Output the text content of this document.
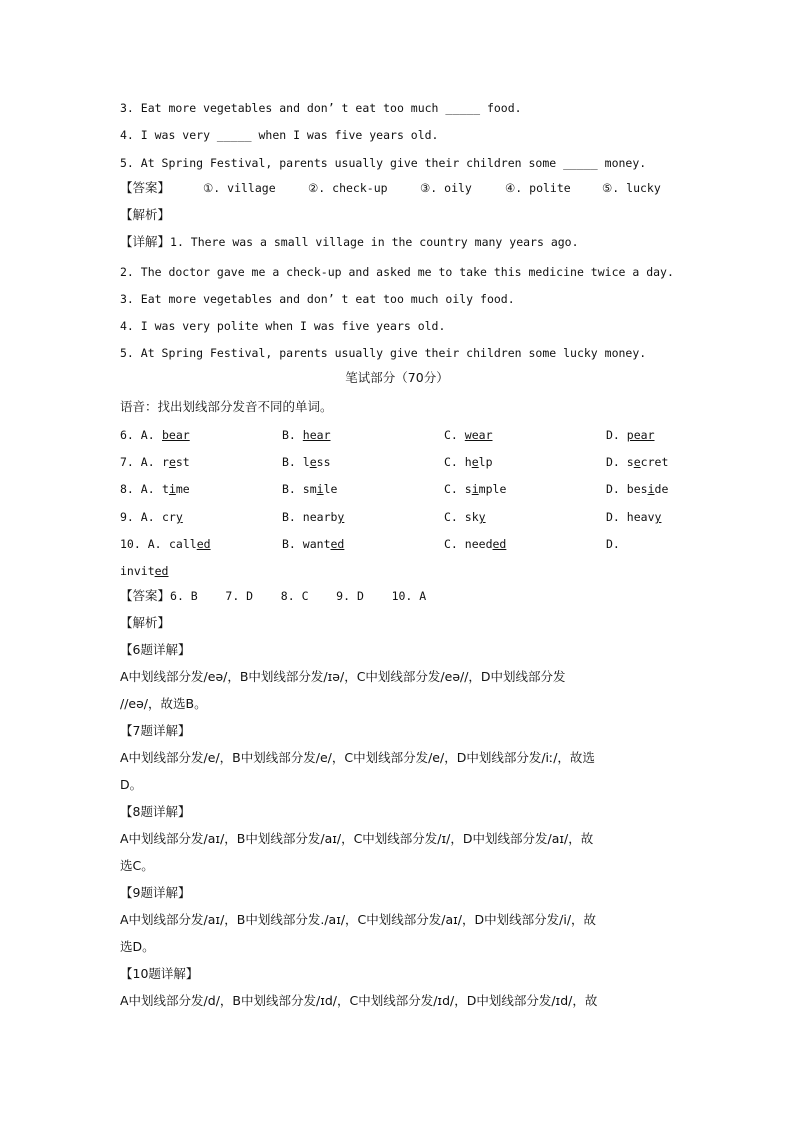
3. Eat more vegetables and don’ t eat too much _____ food.
4. I was very _____ when I was five years old.
5. At Spring Festival, parents usually give their children some _____ money.
【答案】	①. village	②. check-up	③. oily	④. polite	⑤. lucky
【解析】
【详解】1. There was a small village in the country many years ago.
2. The doctor gave me a check-up and asked me to take this medicine twice a day.
3. Eat more vegetables and don’ t eat too much oily food.
4. I was very polite when I was five years old.
5. At Spring Festival, parents usually give their children some lucky money.
笔试部分（70分）
语音：找出划线部分发音不同的单词。
6. A. bear	B. hear	C. wear	D. pear
7. A. rest	B. less	C. help	D. secret
8. A. time	B. smile	C. simple	D. beside
9. A. cry	B. nearby	C. sky	D. heavy
10. A. called	B. wanted	C. needed	D.
invited
【答案】6. B    7. D    8. C    9. D    10. A
【解析】
【6题详解】
A中划线部分发/eə/，B中划线部分发/ɪə/，C中划线部分发/eə//，D中划线部分发
//eə/，故选B。
【7题详解】
A中划线部分发/e/，B中划线部分发/e/，C中划线部分发/e/，D中划线部分发/iː/，故选
D。
【8题详解】
A中划线部分发/aɪ/，B中划线部分发/aɪ/，C中划线部分发/ɪ/，D中划线部分发/aɪ/，故
选C。
【9题详解】
A中划线部分发/aɪ/，B中划线部分发./aɪ/，C中划线部分发/aɪ/，D中划线部分发/i/，故
选D。
【10题详解】
A中划线部分发/d/，B中划线部分发/ɪd/，C中划线部分发/ɪd/，D中划线部分发/ɪd/，故
